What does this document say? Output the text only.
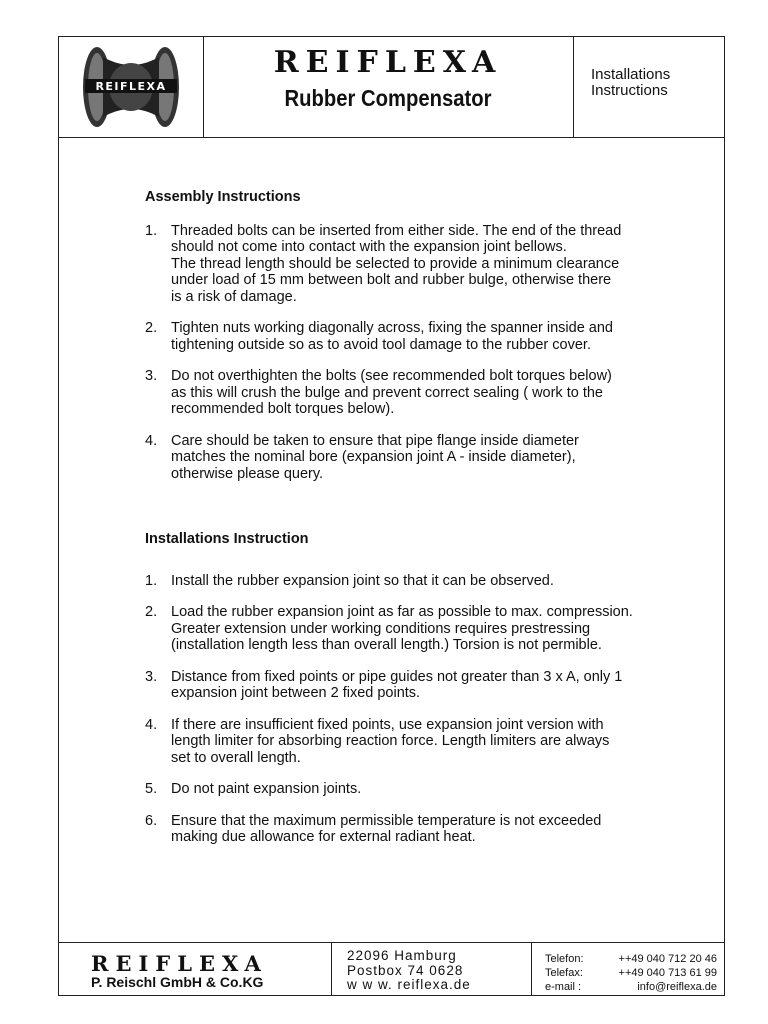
REIFLEXA
REIFLEXA
Rubber Compensator
Installations
Instructions
Assembly Instructions
1. Threaded bolts can be inserted from either side. The end of the thread
should not come into contact with the expansion joint bellows.
The thread length should be selected to provide a minimum clearance
under load of 15 mm between bolt and rubber bulge, otherwise there
is a risk of damage.
2. Tighten nuts working diagonally across, fixing the spanner inside and
tightening outside so as to avoid tool damage to the rubber cover.
3. Do not overthighten the bolts (see recommended bolt torques below)
as this will crush the bulge and prevent correct sealing ( work to the
recommended bolt torques below).
4. Care should be taken to ensure that pipe flange inside diameter
matches the nominal bore (expansion joint A - inside diameter),
otherwise please query.
Installations Instruction
1. Install the rubber expansion joint so that it can be observed.
2. Load the rubber expansion joint as far as possible to max. compression.
Greater extension under working conditions requires prestressing
(installation length less than overall length.) Torsion is not permible.
3. Distance from fixed points or pipe guides not greater than 3 x A, only 1
expansion joint between 2 fixed points.
4. If there are insufficient fixed points, use expansion joint version with
length limiter for absorbing reaction force. Length limiters are always
set to overall length.
5. Do not paint expansion joints.
6. Ensure that the maximum permissible temperature is not exceeded
making due allowance for external radiant heat.
REIFLEXA
P. Reischl GmbH & Co.KG
22096 Hamburg
Postbox 74 0628
w w w. reiflexa.de
Telefon:	++49 040 712 20 46
Telefax:	++49 040 713 61 99
e-mail :	info@reiflexa.de
